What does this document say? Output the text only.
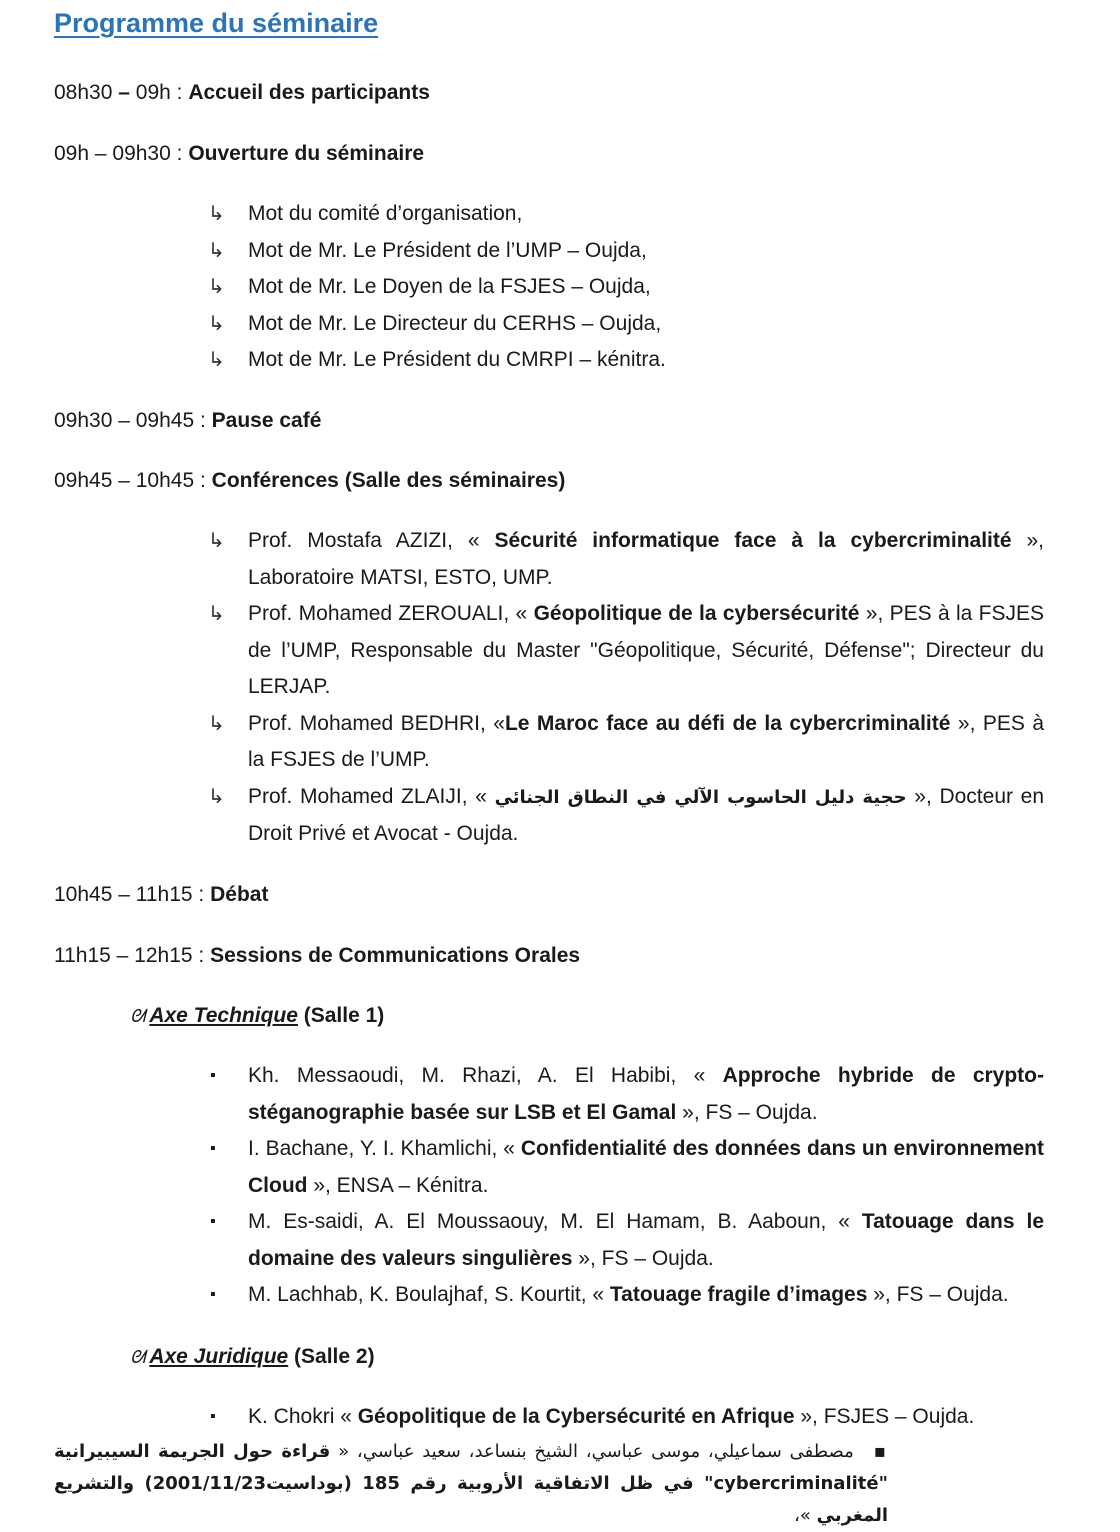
Programme du séminaire
08h30 – 09h : Accueil des participants
09h – 09h30 : Ouverture du séminaire
↳	Mot du comité d’organisation,
↳	Mot de Mr. Le Président de l’UMP – Oujda,
↳	Mot de Mr. Le Doyen de la FSJES – Oujda,
↳	Mot de Mr. Le Directeur du CERHS – Oujda,
↳	Mot de Mr. Le Président du CMRPI – kénitra.
09h30 – 09h45 : Pause café
09h45 – 10h45 : Conférences (Salle des séminaires)
↳	Prof. Mostafa AZIZI, « Sécurité informatique face à la cybercriminalité », Laboratoire MATSI, ESTO, UMP.
↳	Prof. Mohamed ZEROUALI, « Géopolitique de la cybersécurité », PES à la FSJES de l’UMP, Responsable du Master "Géopolitique, Sécurité, Défense"; Directeur du LERJAP.
↳	Prof. Mohamed BEDHRI, «Le Maroc face au défi de la cybercriminalité », PES à la FSJES de l’UMP.
↳	Prof. Mohamed ZLAIJI, « حجية دليل الحاسوب الآلي في النطاق الجنائي », Docteur en Droit Privé et Avocat - Oujda.
10h45 – 11h15 : Débat
11h15 – 12h15 : Sessions de Communications Orales
ᘛ Axe Technique (Salle 1)
▪ Kh. Messaoudi, M. Rhazi, A. El Habibi, « Approche hybride de crypto-stéganographie basée sur LSB et El Gamal », FS – Oujda.
▪ I. Bachane, Y. I. Khamlichi, « Confidentialité des données dans un environnement Cloud », ENSA – Kénitra.
▪ M. Es-saidi, A. El Moussaouy, M. El Hamam, B. Aaboun, « Tatouage dans le domaine des valeurs singulières », FS – Oujda.
▪ M. Lachhab, K. Boulajhaf, S. Kourtit, « Tatouage fragile d’images », FS – Oujda.
ᘛ Axe Juridique (Salle 2)
▪ K. Chokri « Géopolitique de la Cybersécurité en Afrique », FSJES – Oujda.
▪مصطفى سماعيلي، موسى عباسي، الشيخ بنساعد، سعيد عباسي، « قراءة حول الجريمة السيبيرانية "cybercriminalité" في ظل الاتفاقية الأروبية رقم 185 (بوداسيت2001/11/23) والتشريع المغربي »،
